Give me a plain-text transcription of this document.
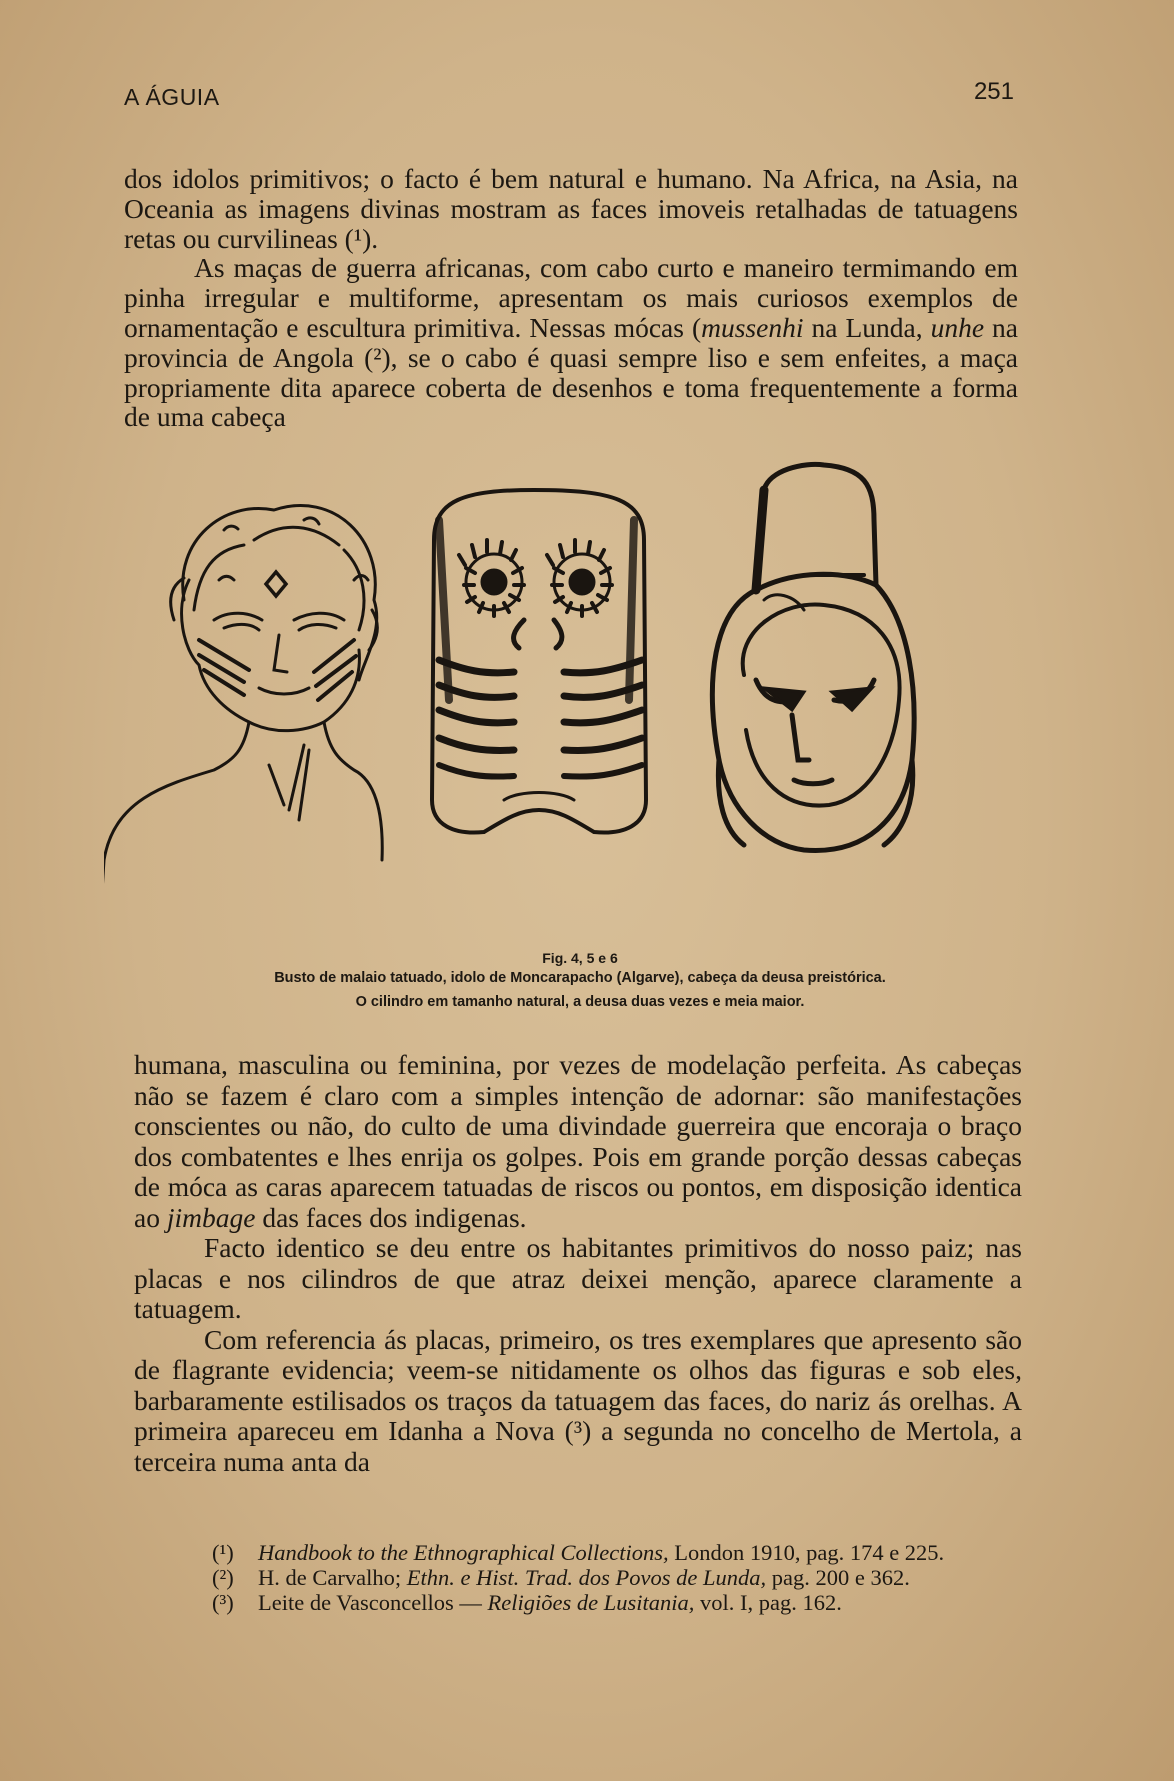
A ÁGUIA	251

dos idolos primitivos; o facto é bem natural e humano. Na Africa, na Asia, na Oceania as imagens divinas mostram as faces imoveis retalhadas de tatuagens retas ou curvilineas (¹).

As maças de guerra africanas, com cabo curto e maneiro termimando em pinha irregular e multiforme, apresentam os mais curiosos exemplos de ornamentação e escultura primitiva. Nessas mócas (mussenhi na Lunda, unhe na provincia de Angola (²), se o cabo é quasi sempre liso e sem enfeites, a maça propriamente dita aparece coberta de desenhos e toma frequentemente a forma de uma cabeça

Fig. 4, 5 e 6
Busto de malaio tatuado, idolo de Moncarapacho (Algarve), cabeça da deusa preistórica.
O cilindro em tamanho natural, a deusa duas vezes e meia maior.

humana, masculina ou feminina, por vezes de modelação perfeita. As cabeças não se fazem é claro com a simples intenção de adornar: são manifestações conscientes ou não, do culto de uma divindade guerreira que encoraja o braço dos combatentes e lhes enrija os golpes. Pois em grande porção dessas cabeças de móca as caras aparecem tatuadas de riscos ou pontos, em disposição identica ao jimbage das faces dos indigenas.

Facto identico se deu entre os habitantes primitivos do nosso paiz; nas placas e nos cilindros de que atraz deixei menção, aparece claramente a tatuagem.

Com referencia ás placas, primeiro, os tres exemplares que apresento são de flagrante evidencia; veem-se nitidamente os olhos das figuras e sob eles, barbaramente estilisados os traços da tatuagem das faces, do nariz ás orelhas. A primeira apareceu em Idanha a Nova (³) a segunda no concelho de Mertola, a terceira numa anta da

(¹) Handbook to the Ethnographical Collections, London 1910, pag. 174 e 225.
(²) H. de Carvalho; Ethn. e Hist. Trad. dos Povos de Lunda, pag. 200 e 362.
(³) Leite de Vasconcellos — Religiões de Lusitania, vol. I, pag. 162.
